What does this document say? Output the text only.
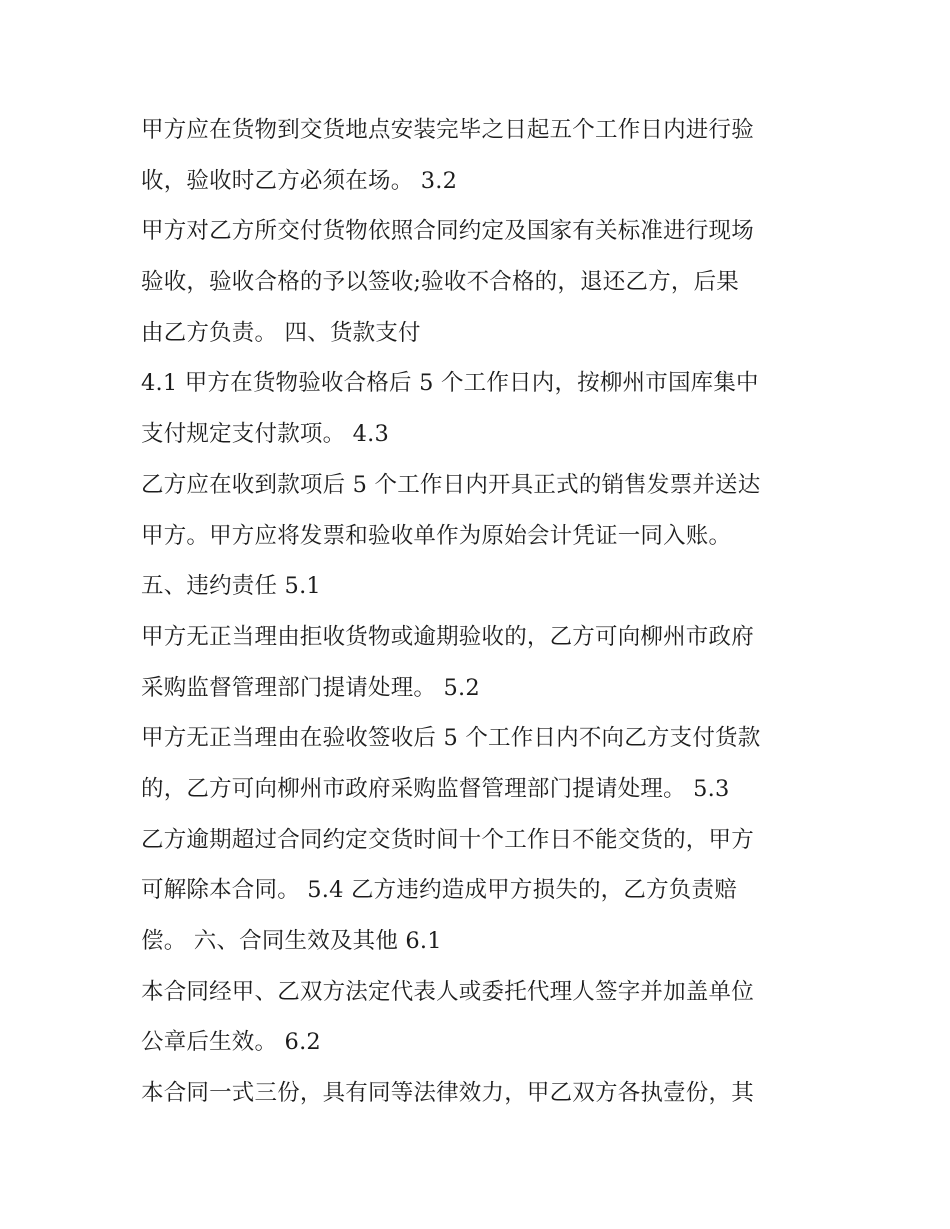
甲方应在货物到交货地点安装完毕之日起五个工作日内进行验
收，验收时乙方必须在场。 3.2
甲方对乙方所交付货物依照合同约定及国家有关标准进行现场
验收，验收合格的予以签收;验收不合格的，退还乙方，后果
由乙方负责。 四、货款支付
4.1 甲方在货物验收合格后 5 个工作日内，按柳州市国库集中
支付规定支付款项。 4.3
乙方应在收到款项后 5 个工作日内开具正式的销售发票并送达
甲方。甲方应将发票和验收单作为原始会计凭证一同入账。
五、违约责任 5.1
甲方无正当理由拒收货物或逾期验收的，乙方可向柳州市政府
采购监督管理部门提请处理。 5.2
甲方无正当理由在验收签收后 5 个工作日内不向乙方支付货款
的，乙方可向柳州市政府采购监督管理部门提请处理。 5.3
乙方逾期超过合同约定交货时间十个工作日不能交货的，甲方
可解除本合同。 5.4 乙方违约造成甲方损失的，乙方负责赔
偿。 六、合同生效及其他 6.1
本合同经甲、乙双方法定代表人或委托代理人签字并加盖单位
公章后生效。 6.2
本合同一式三份，具有同等法律效力，甲乙双方各执壹份，其
